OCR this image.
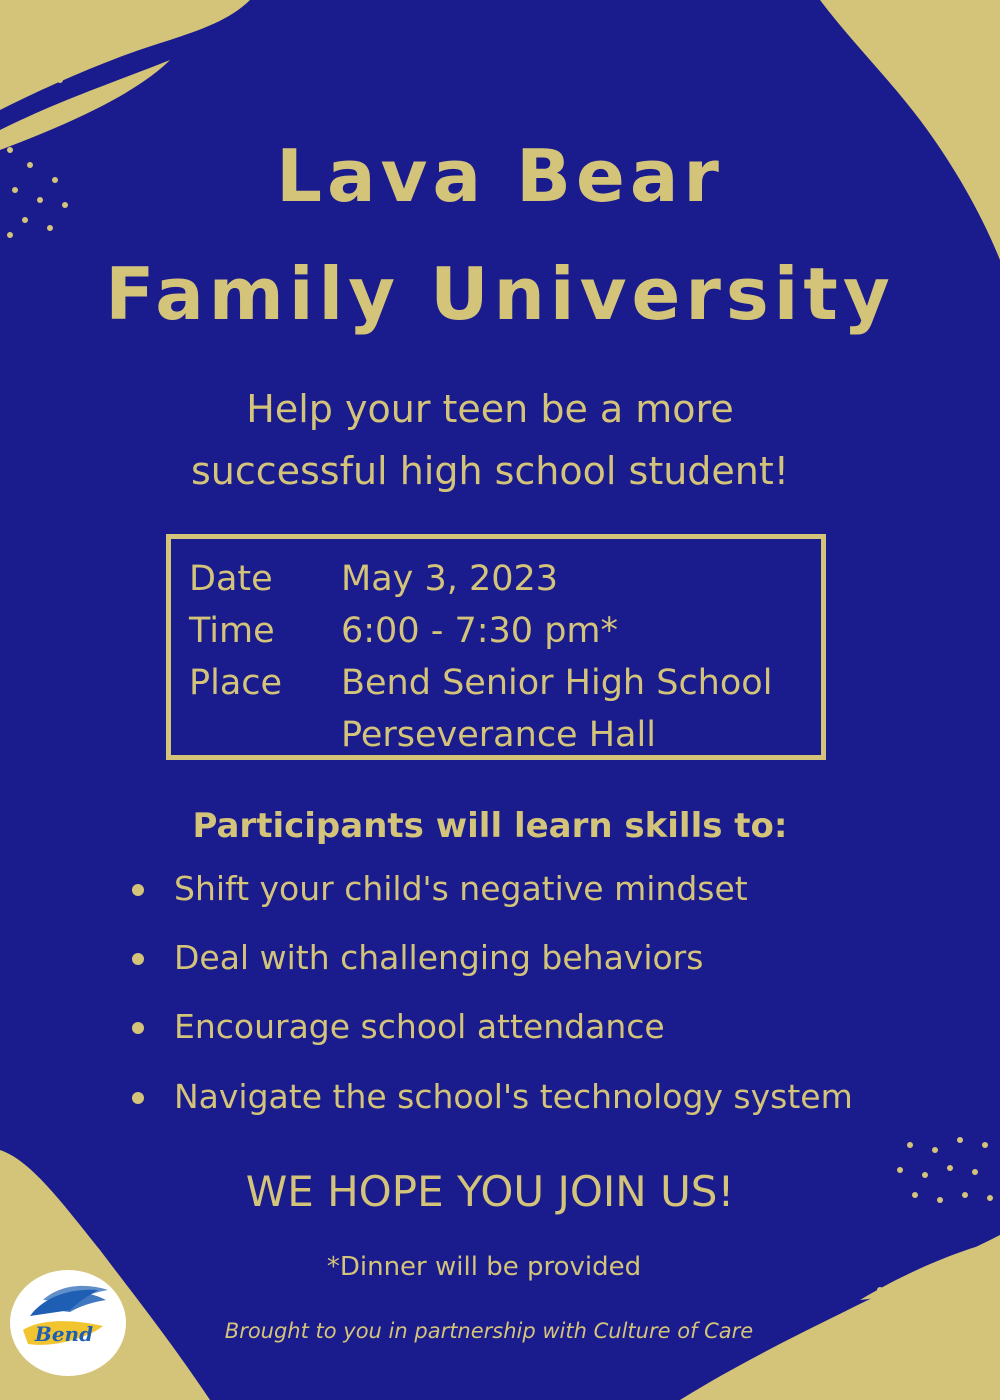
Lava Bear
Family University
Help your teen be a more
successful high school student!
Date May 3, 2023
Time 6:00 - 7:30 pm*
Place Bend Senior High School
Perseverance Hall
Participants will learn skills to:
Shift your child's negative mindset
Deal with challenging behaviors
Encourage school attendance
Navigate the school's technology system
WE HOPE YOU JOIN US!
*Dinner will be provided
Brought to you in partnership with Culture of Care
Bend
